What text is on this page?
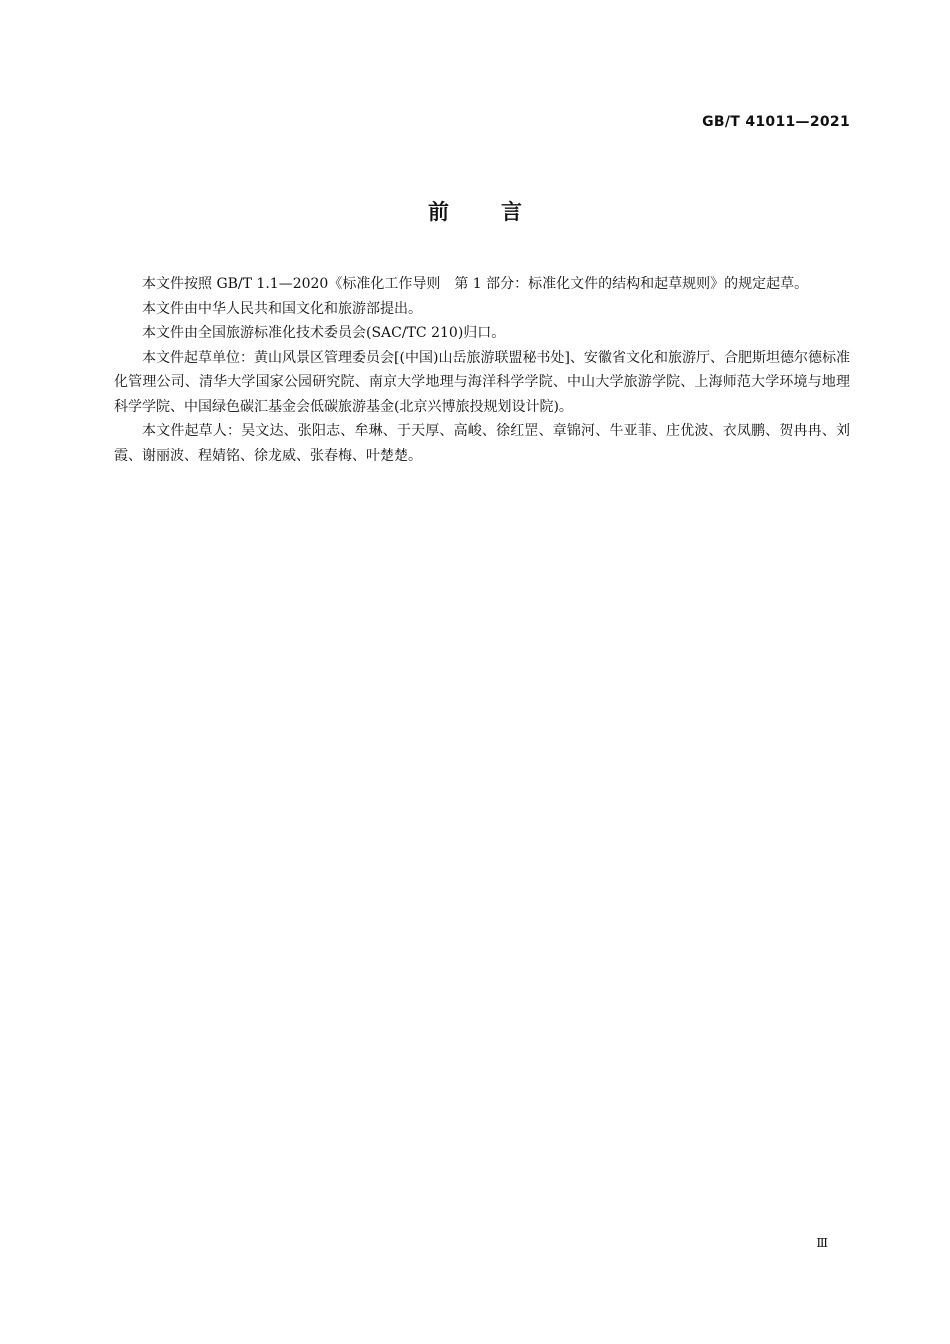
GB/T 41011—2021
前言

本文件按照 GB/T 1.1—2020《标准化工作导则　第 1 部分：标准化文件的结构和起草规则》的规定起草。

本文件由中华人民共和国文化和旅游部提出。

本文件由全国旅游标准化技术委员会(SAC/TC 210)归口。

本文件起草单位：黄山风景区管理委员会[(中国)山岳旅游联盟秘书处]、安徽省文化和旅游厅、合肥斯坦德尔德标准化管理公司、清华大学国家公园研究院、南京大学地理与海洋科学学院、中山大学旅游学院、上海师范大学环境与地理科学学院、中国绿色碳汇基金会低碳旅游基金(北京兴博旅投规划设计院)。

本文件起草人：吴文达、张阳志、牟琳、于天厚、高峻、徐红罡、章锦河、牛亚菲、庄优波、衣凤鹏、贺冉冉、刘霞、谢丽波、程婧铭、徐龙威、张春梅、叶楚楚。

Ⅲ
